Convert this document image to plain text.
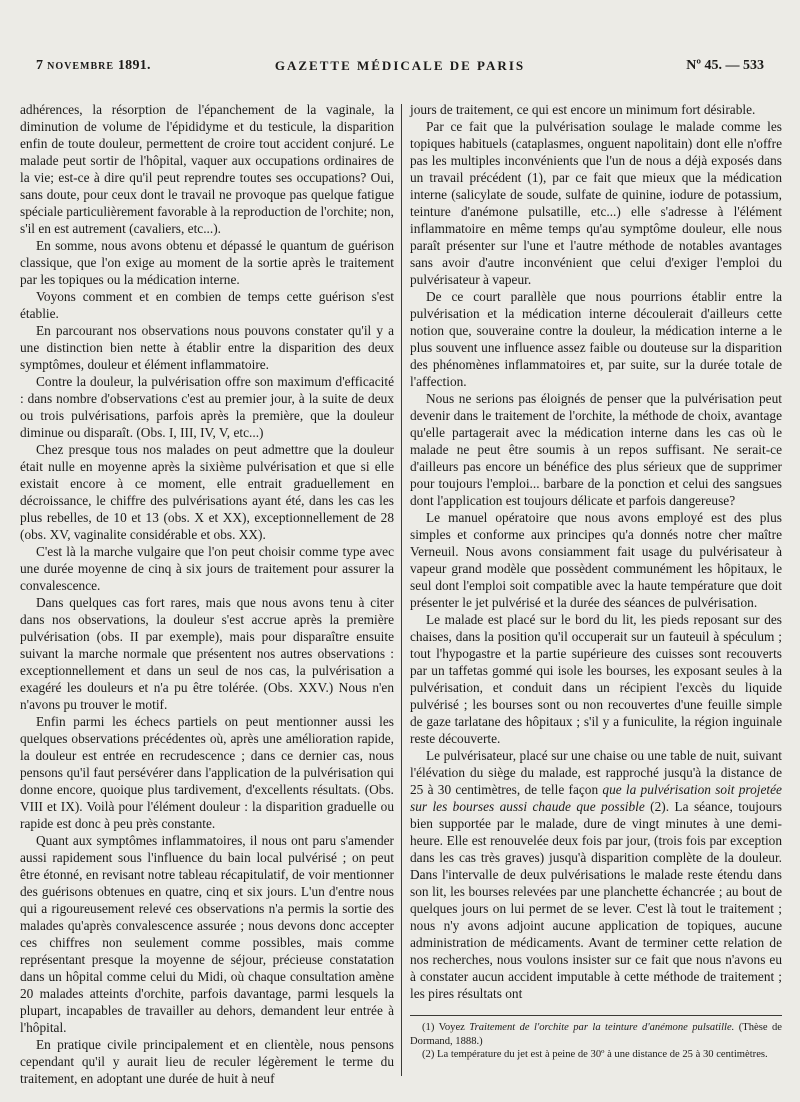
7 NOVEMBRE 1891.	GAZETTE MÉDICALE DE PARIS	Nº 45. — 533

adhérences, la résorption de l'épanchement de la vaginale, la diminution de volume de l'épididyme et du testicule, la disparition enfin de toute douleur, permettent de croire tout accident conjuré. Le malade peut sortir de l'hôpital, vaquer aux occupations ordinaires de la vie; est-ce à dire qu'il peut reprendre toutes ses occupations? Oui, sans doute, pour ceux dont le travail ne provoque pas quelque fatigue spéciale particulièrement favorable à la reproduction de l'orchite; non, s'il en est autrement (cavaliers, etc...).

En somme, nous avons obtenu et dépassé le quantum de guérison classique, que l'on exige au moment de la sortie après le traitement par les topiques ou la médication interne.

Voyons comment et en combien de temps cette guérison s'est établie.

En parcourant nos observations nous pouvons constater qu'il y a une distinction bien nette à établir entre la disparition des deux symptômes, douleur et élément inflammatoire.

Contre la douleur, la pulvérisation offre son maximum d'efficacité : dans nombre d'observations c'est au premier jour, à la suite de deux ou trois pulvérisations, parfois après la première, que la douleur diminue ou disparaît. (Obs. I, III, IV, V, etc...)

Chez presque tous nos malades on peut admettre que la douleur était nulle en moyenne après la sixième pulvérisation et que si elle existait encore à ce moment, elle entrait graduellement en décroissance, le chiffre des pulvérisations ayant été, dans les cas les plus rebelles, de 10 et 13 (obs. X et XX), exceptionnellement de 28 (obs. XV, vaginalite considérable et obs. XX).

C'est là la marche vulgaire que l'on peut choisir comme type avec une durée moyenne de cinq à six jours de traitement pour assurer la convalescence.

Dans quelques cas fort rares, mais que nous avons tenu à citer dans nos observations, la douleur s'est accrue après la première pulvérisation (obs. II par exemple), mais pour disparaître ensuite suivant la marche normale que présentent nos autres observations : exceptionnellement et dans un seul de nos cas, la pulvérisation a exagéré les douleurs et n'a pu être tolérée. (Obs. XXV.) Nous n'en n'avons pu trouver le motif.

Enfin parmi les échecs partiels on peut mentionner aussi les quelques observations précédentes où, après une amélioration rapide, la douleur est entrée en recrudescence ; dans ce dernier cas, nous pensons qu'il faut persévérer dans l'application de la pulvérisation qui donne encore, quoique plus tardivement, d'excellents résultats. (Obs. VIII et IX). Voilà pour l'élément douleur : la disparition graduelle ou rapide est donc à peu près constante.

Quant aux symptômes inflammatoires, il nous ont paru s'amender aussi rapidement sous l'influence du bain local pulvérisé ; on peut être étonné, en revisant notre tableau récapitulatif, de voir mentionner des guérisons obtenues en quatre, cinq et six jours. L'un d'entre nous qui a rigoureusement relevé ces observations n'a permis la sortie des malades qu'après convalescence assurée ; nous devons donc accepter ces chiffres non seulement comme possibles, mais comme représentant presque la moyenne de séjour, précieuse constatation dans un hôpital comme celui du Midi, où chaque consultation amène 20 malades atteints d'orchite, parfois davantage, parmi lesquels la plupart, incapables de travailler au dehors, demandent leur entrée à l'hôpital.

En pratique civile principalement et en clientèle, nous pensons cependant qu'il y aurait lieu de reculer légèrement le terme du traitement, en adoptant une durée de huit à neuf

jours de traitement, ce qui est encore un minimum fort désirable.

Par ce fait que la pulvérisation soulage le malade comme les topiques habituels (cataplasmes, onguent napolitain) dont elle n'offre pas les multiples inconvénients que l'un de nous a déjà exposés dans un travail précédent (1), par ce fait que mieux que la médication interne (salicylate de soude, sulfate de quinine, iodure de potassium, teinture d'anémone pulsatille, etc...) elle s'adresse à l'élément inflammatoire en même temps qu'au symptôme douleur, elle nous paraît présenter sur l'une et l'autre méthode de notables avantages sans avoir d'autre inconvénient que celui d'exiger l'emploi du pulvérisateur à vapeur.

De ce court parallèle que nous pourrions établir entre la pulvérisation et la médication interne découlerait d'ailleurs cette notion que, souveraine contre la douleur, la médication interne a le plus souvent une influence assez faible ou douteuse sur la disparition des phénomènes inflammatoires et, par suite, sur la durée totale de l'affection.

Nous ne serions pas éloignés de penser que la pulvérisation peut devenir dans le traitement de l'orchite, la méthode de choix, avantage qu'elle partagerait avec la médication interne dans les cas où le malade ne peut être soumis à un repos suffisant. Ne serait-ce d'ailleurs pas encore un bénéfice des plus sérieux que de supprimer pour toujours l'emploi... barbare de la ponction et celui des sangsues dont l'application est toujours délicate et parfois dangereuse?

Le manuel opératoire que nous avons employé est des plus simples et conforme aux principes qu'a donnés notre cher maître Verneuil. Nous avons consiamment fait usage du pulvérisateur à vapeur grand modèle que possèdent communément les hôpitaux, le seul dont l'emploi soit compatible avec la haute température que doit présenter le jet pulvérisé et la durée des séances de pulvérisation.

Le malade est placé sur le bord du lit, les pieds reposant sur des chaises, dans la position qu'il occuperait sur un fauteuil à spéculum ; tout l'hypogastre et la partie supérieure des cuisses sont recouverts par un taffetas gommé qui isole les bourses, les exposant seules à la pulvérisation, et conduit dans un récipient l'excès du liquide pulvérisé ; les bourses sont ou non recouvertes d'une feuille simple de gaze tarlatane des hôpitaux ; s'il y a funiculite, la région inguinale reste découverte.

Le pulvérisateur, placé sur une chaise ou une table de nuit, suivant l'élévation du siège du malade, est rapproché jusqu'à la distance de 25 à 30 centimètres, de telle façon que la pulvérisation soit projetée sur les bourses aussi chaude que possible (2). La séance, toujours bien supportée par le malade, dure de vingt minutes à une demi-heure. Elle est renouvelée deux fois par jour, (trois fois par exception dans les cas très graves) jusqu'à disparition complète de la douleur. Dans l'intervalle de deux pulvérisations le malade reste étendu dans son lit, les bourses relevées par une planchette échancrée ; au bout de quelques jours on lui permet de se lever. C'est là tout le traitement ; nous n'y avons adjoint aucune application de topiques, aucune administration de médicaments. Avant de terminer cette relation de nos recherches, nous voulons insister sur ce fait que nous n'avons eu à constater aucun accident imputable à cette méthode de traitement ; les pires résultats ont

(1) Voyez Traitement de l'orchite par la teinture d'anémone pulsatille. (Thèse de Dormand, 1888.)

(2) La température du jet est à peine de 30º à une distance de 25 à 30 centimètres.
